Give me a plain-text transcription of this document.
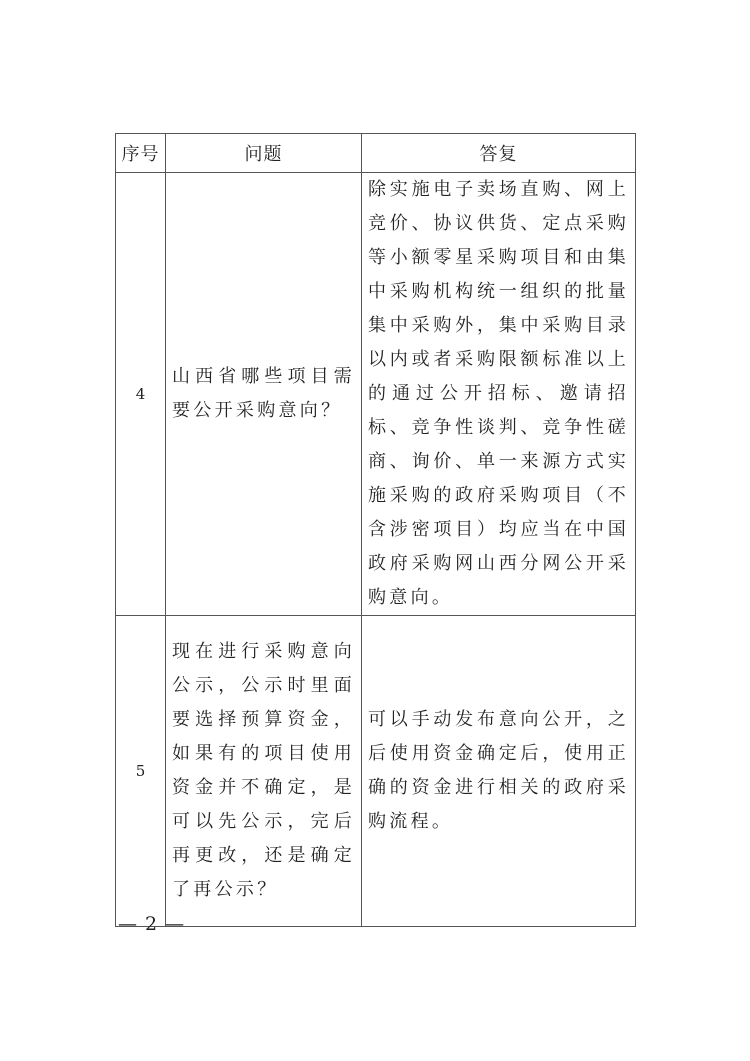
序号	问题	答复
4	山西省哪些项目需要公开采购意向？	除实施电子卖场直购、网上竞价、协议供货、定点采购等小额零星采购项目和由集中采购机构统一组织的批量集中采购外，集中采购目录以内或者采购限额标准以上的通过公开招标、邀请招标、竞争性谈判、竞争性磋商、询价、单一来源方式实施采购的政府采购项目（不含涉密项目）均应当在中国政府采购网山西分网公开采购意向。
5	现在进行采购意向公示，公示时里面要选择预算资金，如果有的项目使用资金并不确定，是可以先公示，完后再更改，还是确定了再公示？	可以手动发布意向公开，之后使用资金确定后，使用正确的资金进行相关的政府采购流程。
— 2 —
